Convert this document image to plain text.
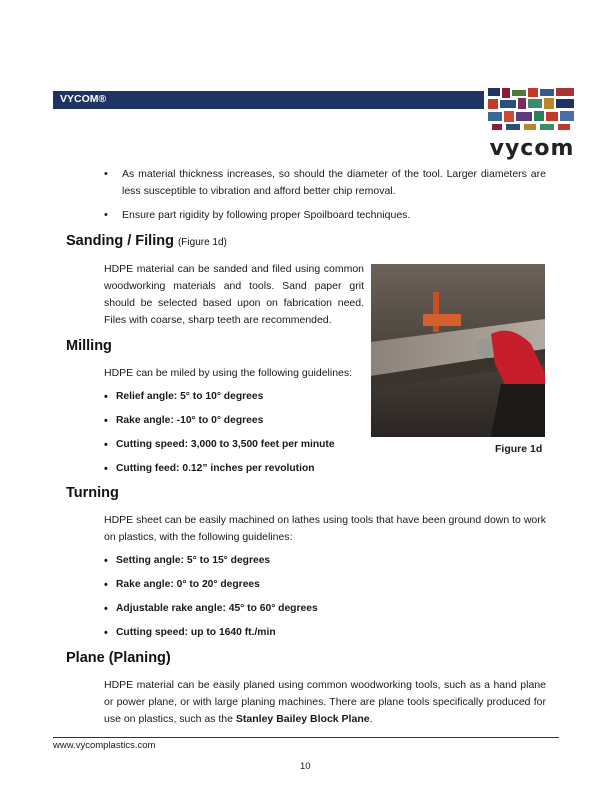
VYCOM®
vycom
• As material thickness increases, so should the diameter of the tool. Larger diameters are less susceptible to vibration and afford better chip removal.
• Ensure part rigidity by following proper Spoilboard techniques.
Sanding / Filing (Figure 1d)
HDPE material can be sanded and filed using common woodworking materials and tools. Sand paper grit should be selected based upon on fabrication need. Files with coarse, sharp teeth are recommended.
Milling
HDPE can be miled by using the following guidelines:
• Relief angle: 5° to 10° degrees
• Rake angle: -10° to 0° degrees
• Cutting speed: 3,000 to 3,500 feet per minute
• Cutting feed: 0.12” inches per revolution
Figure 1d
Turning
HDPE sheet can be easily machined on lathes using tools that have been ground down to work on plastics, with the following guidelines:
• Setting angle: 5° to 15° degrees
• Rake angle: 0° to 20° degrees
• Adjustable rake angle: 45° to 60° degrees
• Cutting speed: up to 1640 ft./min
Plane (Planing)
HDPE material can be easily planed using common woodworking tools, such as a hand plane or power plane, or with large planing machines. There are plane tools specifically produced for use on plastics, such as the Stanley Bailey Block Plane.
www.vycomplastics.com
10
